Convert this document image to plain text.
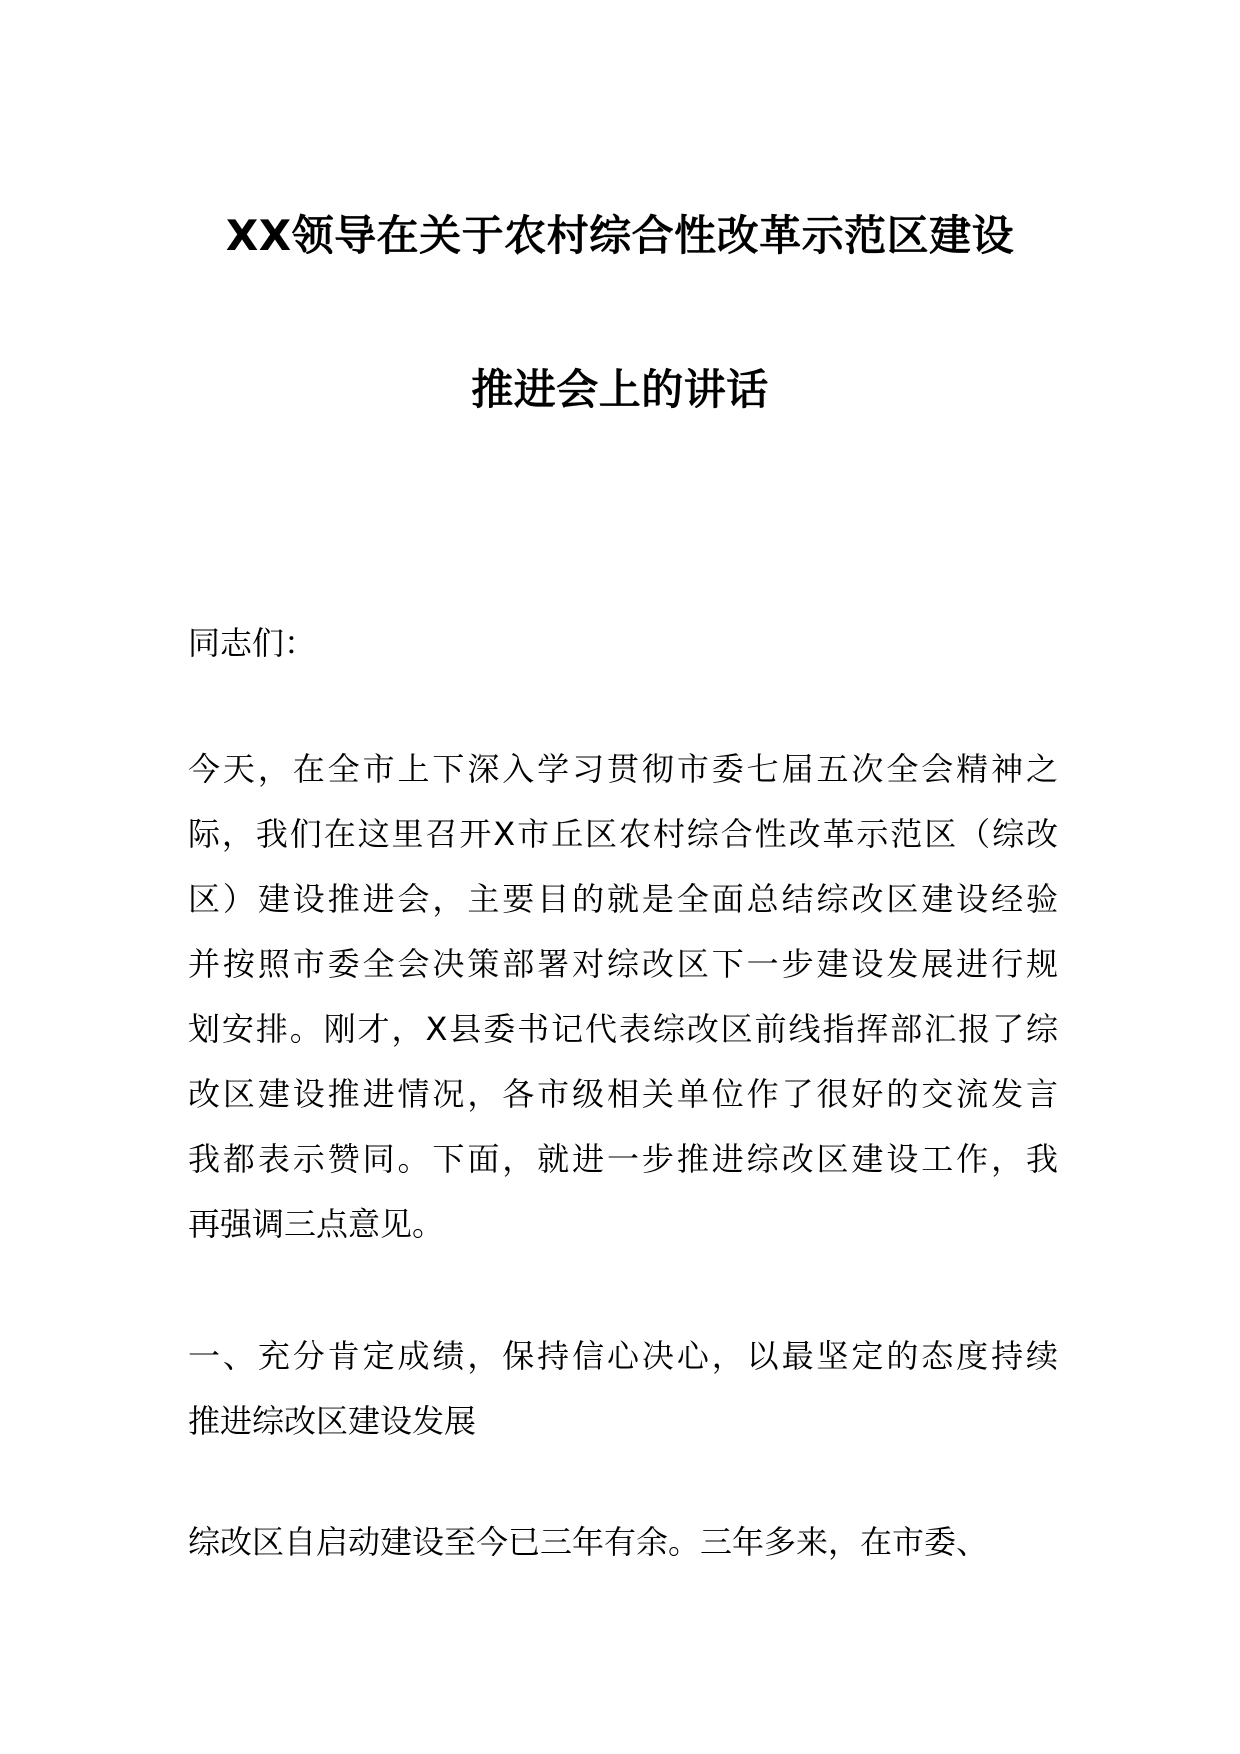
XX领导在关于农村综合性改革示范区建设
推进会上的讲话
同志们：
今天，在全市上下深入学习贯彻市委七届五次全会精神之
际，我们在这里召开X市丘区农村综合性改革示范区（综改
区）建设推进会，主要目的就是全面总结综改区建设经验
并按照市委全会决策部署对综改区下一步建设发展进行规
划安排。刚才，X县委书记代表综改区前线指挥部汇报了综
改区建设推进情况，各市级相关单位作了很好的交流发言
我都表示赞同。下面，就进一步推进综改区建设工作，我
再强调三点意见。
一、充分肯定成绩，保持信心决心，以最坚定的态度持续
推进综改区建设发展
综改区自启动建设至今已三年有余。三年多来，在市委、
